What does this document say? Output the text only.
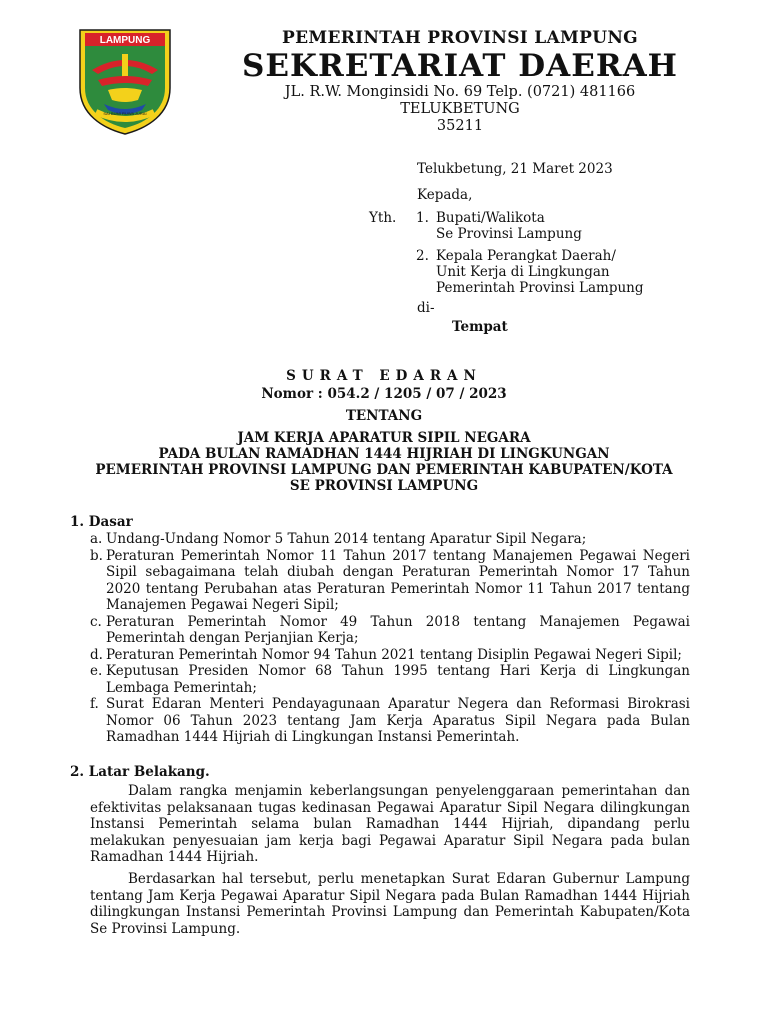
LAMPUNG
SAI BUMI RUWA JURAI
PEMERINTAH PROVINSI LAMPUNG
SEKRETARIAT DAERAH
JL. R.W. Monginsidi No. 69 Telp. (0721) 481166
TELUKBETUNG
35211
Telukbetung, 21 Maret 2023
Kepada,
Yth. 1. Bupati/Walikota
Se Provinsi Lampung
2. Kepala Perangkat Daerah/
Unit Kerja di Lingkungan
Pemerintah Provinsi Lampung
di-
Tempat
SURAT EDARAN
Nomor : 054.2 / 1205 / 07 / 2023
TENTANG
JAM KERJA APARATUR SIPIL NEGARA
PADA BULAN RAMADHAN 1444 HIJRIAH DI LINGKUNGAN
PEMERINTAH PROVINSI LAMPUNG DAN PEMERINTAH KABUPATEN/KOTA
SE PROVINSI LAMPUNG
1. Dasar

a. Undang-Undang Nomor 5 Tahun 2014 tentang Aparatur Sipil Negara;

b. Peraturan Pemerintah Nomor 11 Tahun 2017 tentang Manajemen Pegawai Negeri Sipil sebagaimana telah diubah dengan Peraturan Pemerintah Nomor 17 Tahun 2020 tentang Perubahan atas Peraturan Pemerintah Nomor 11 Tahun 2017 tentang Manajemen Pegawai Negeri Sipil;

c. Peraturan Pemerintah Nomor 49 Tahun 2018 tentang Manajemen Pegawai Pemerintah dengan Perjanjian Kerja;

d. Peraturan Pemerintah Nomor 94 Tahun 2021 tentang Disiplin Pegawai Negeri Sipil;

e. Keputusan Presiden Nomor 68 Tahun 1995 tentang Hari Kerja di Lingkungan Lembaga Pemerintah;

f. Surat Edaran Menteri Pendayagunaan Aparatur Negera dan Reformasi Birokrasi Nomor 06 Tahun 2023 tentang Jam Kerja Aparatus Sipil Negara pada Bulan Ramadhan 1444 Hijriah di Lingkungan Instansi Pemerintah.

2. Latar Belakang.

Dalam rangka menjamin keberlangsungan penyelenggaraan pemerintahan dan efektivitas pelaksanaan tugas kedinasan Pegawai Aparatur Sipil Negara dilingkungan Instansi Pemerintah selama bulan Ramadhan 1444 Hijriah, dipandang perlu melakukan penyesuaian jam kerja bagi Pegawai Aparatur Sipil Negara pada bulan Ramadhan 1444 Hijriah.

Berdasarkan hal tersebut, perlu menetapkan Surat Edaran Gubernur Lampung tentang Jam Kerja Pegawai Aparatur Sipil Negara pada Bulan Ramadhan 1444 Hijriah dilingkungan Instansi Pemerintah Provinsi Lampung dan Pemerintah Kabupaten/Kota Se Provinsi Lampung.
